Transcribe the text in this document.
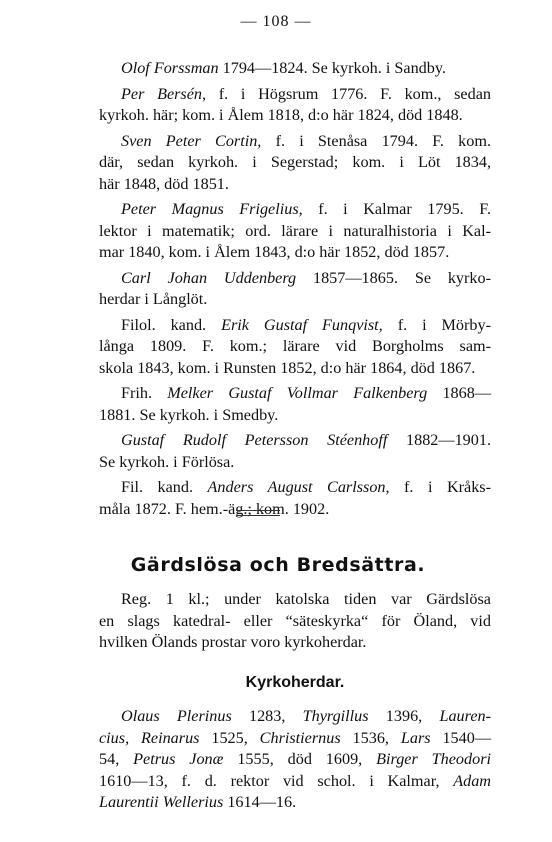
— 108 —
Olof Forssman 1794—1824. Se kyrkoh. i Sandby.
Per Bersén, f. i Högsrum 1776. F. kom., sedan
kyrkoh. här; kom. i Ålem 1818, d:o här 1824, död 1848.
Sven Peter Cortin, f. i Stenåsa 1794. F. kom.
där, sedan kyrkoh. i Segerstad; kom. i Löt 1834,
här 1848, död 1851.
Peter Magnus Frigelius, f. i Kalmar 1795. F.
lektor i matematik; ord. lärare i naturalhistoria i Kal-
mar 1840, kom. i Ålem 1843, d:o här 1852, död 1857.
Carl Johan Uddenberg 1857—1865. Se kyrko-
herdar i Långlöt.
Filol. kand. Erik Gustaf Funqvist, f. i Mörby-
långa 1809. F. kom.; lärare vid Borgholms sam-
skola 1843, kom. i Runsten 1852, d:o här 1864, död 1867.
Frih. Melker Gustaf Vollmar Falkenberg 1868—
1881. Se kyrkoh. i Smedby.
Gustaf Rudolf Petersson Stéenhoff 1882—1901.
Se kyrkoh. i Förlösa.
Fil. kand. Anders August Carlsson, f. i Kråks-
måla 1872. F. hem.-äg.; kom. 1902.
Gärdslösa och Bredsättra.
Reg. 1 kl.; under katolska tiden var Gärdslösa
en slags katedral- eller “säteskyrka“ för Öland, vid
hvilken Ölands prostar voro kyrkoherdar.
Kyrkoherdar.
Olaus Plerinus 1283, Thyrgillus 1396, Lauren-
cius, Reinarus 1525, Christiernus 1536, Lars 1540—
54, Petrus Jonæ 1555, död 1609, Birger Theodori
1610—13, f. d. rektor vid schol. i Kalmar, Adam
Laurentii Wellerius 1614—16.
